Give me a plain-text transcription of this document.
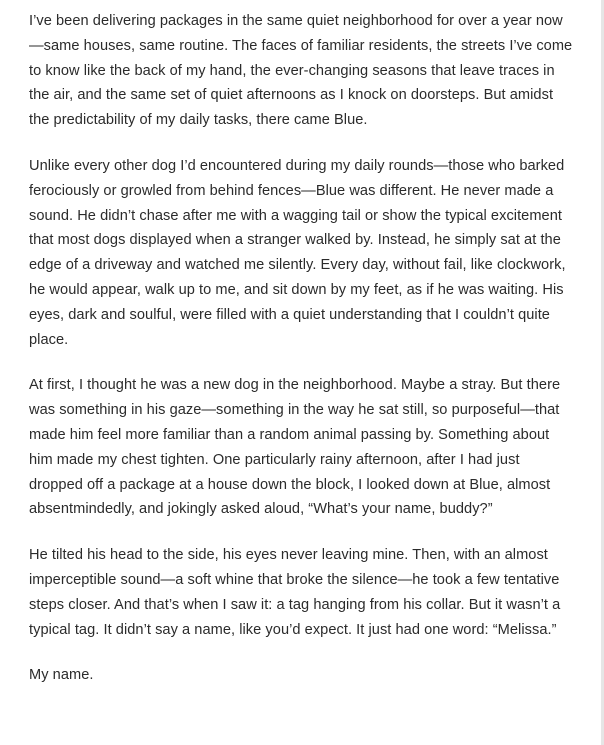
I’ve been delivering packages in the same quiet neighborhood for over a year now—same houses, same routine. The faces of familiar residents, the streets I’ve come to know like the back of my hand, the ever-changing seasons that leave traces in the air, and the same set of quiet afternoons as I knock on doorsteps. But amidst the predictability of my daily tasks, there came Blue.

Unlike every other dog I’d encountered during my daily rounds—those who barked ferociously or growled from behind fences—Blue was different. He never made a sound. He didn’t chase after me with a wagging tail or show the typical excitement that most dogs displayed when a stranger walked by. Instead, he simply sat at the edge of a driveway and watched me silently. Every day, without fail, like clockwork, he would appear, walk up to me, and sit down by my feet, as if he was waiting. His eyes, dark and soulful, were filled with a quiet understanding that I couldn’t quite place.

At first, I thought he was a new dog in the neighborhood. Maybe a stray. But there was something in his gaze—something in the way he sat still, so purposeful—that made him feel more familiar than a random animal passing by. Something about him made my chest tighten. One particularly rainy afternoon, after I had just dropped off a package at a house down the block, I looked down at Blue, almost absentmindedly, and jokingly asked aloud, “What’s your name, buddy?”

He tilted his head to the side, his eyes never leaving mine. Then, with an almost imperceptible sound—a soft whine that broke the silence—he took a few tentative steps closer. And that’s when I saw it: a tag hanging from his collar. But it wasn’t a typical tag. It didn’t say a name, like you’d expect. It just had one word: “Melissa.”

My name.
